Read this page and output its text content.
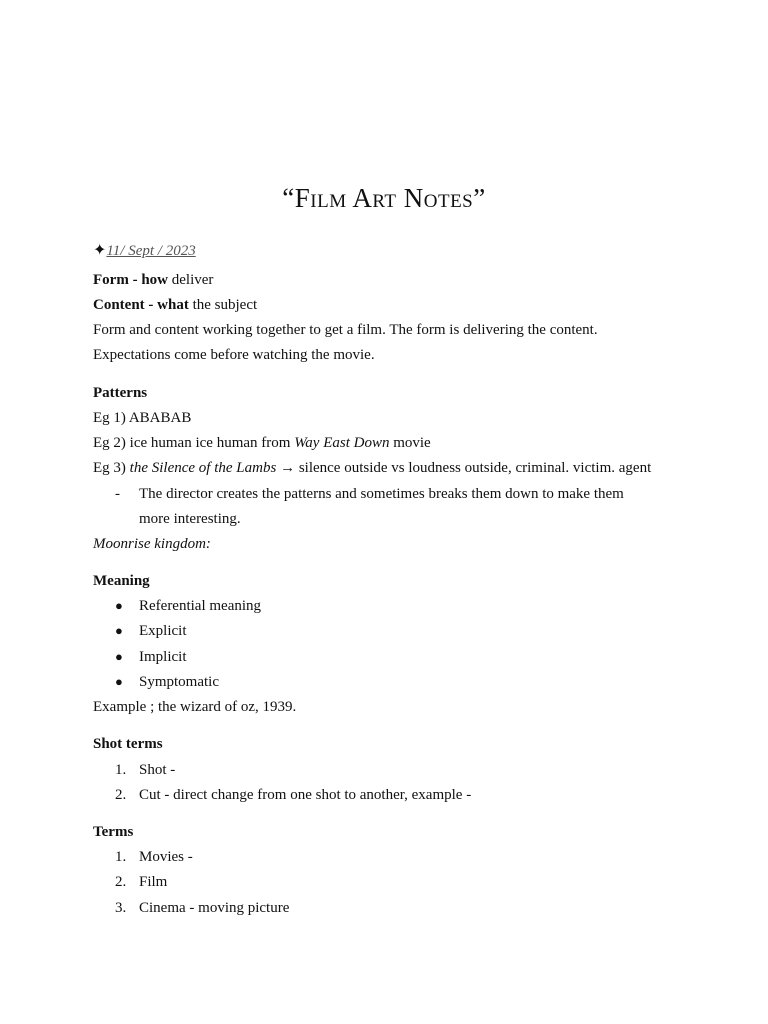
“Film Art Notes”
✦11/ Sept / 2023
Form - how deliver
Content - what the subject
Form and content working together to get a film. The form is delivering the content.
Expectations come before watching the movie.
Patterns
Eg 1) ABABAB
Eg 2) ice human ice human from Way East Down movie
Eg 3) the Silence of the Lambs → silence outside vs loudness outside, criminal. victim. agent
- The director creates the patterns and sometimes breaks them down to make them
more interesting.
Moonrise kingdom:
Meaning
● Referential meaning
● Explicit
● Implicit
● Symptomatic
Example ; the wizard of oz, 1939.
Shot terms
1. Shot -
2. Cut - direct change from one shot to another, example -
Terms
1. Movies -
2. Film
3. Cinema - moving picture
